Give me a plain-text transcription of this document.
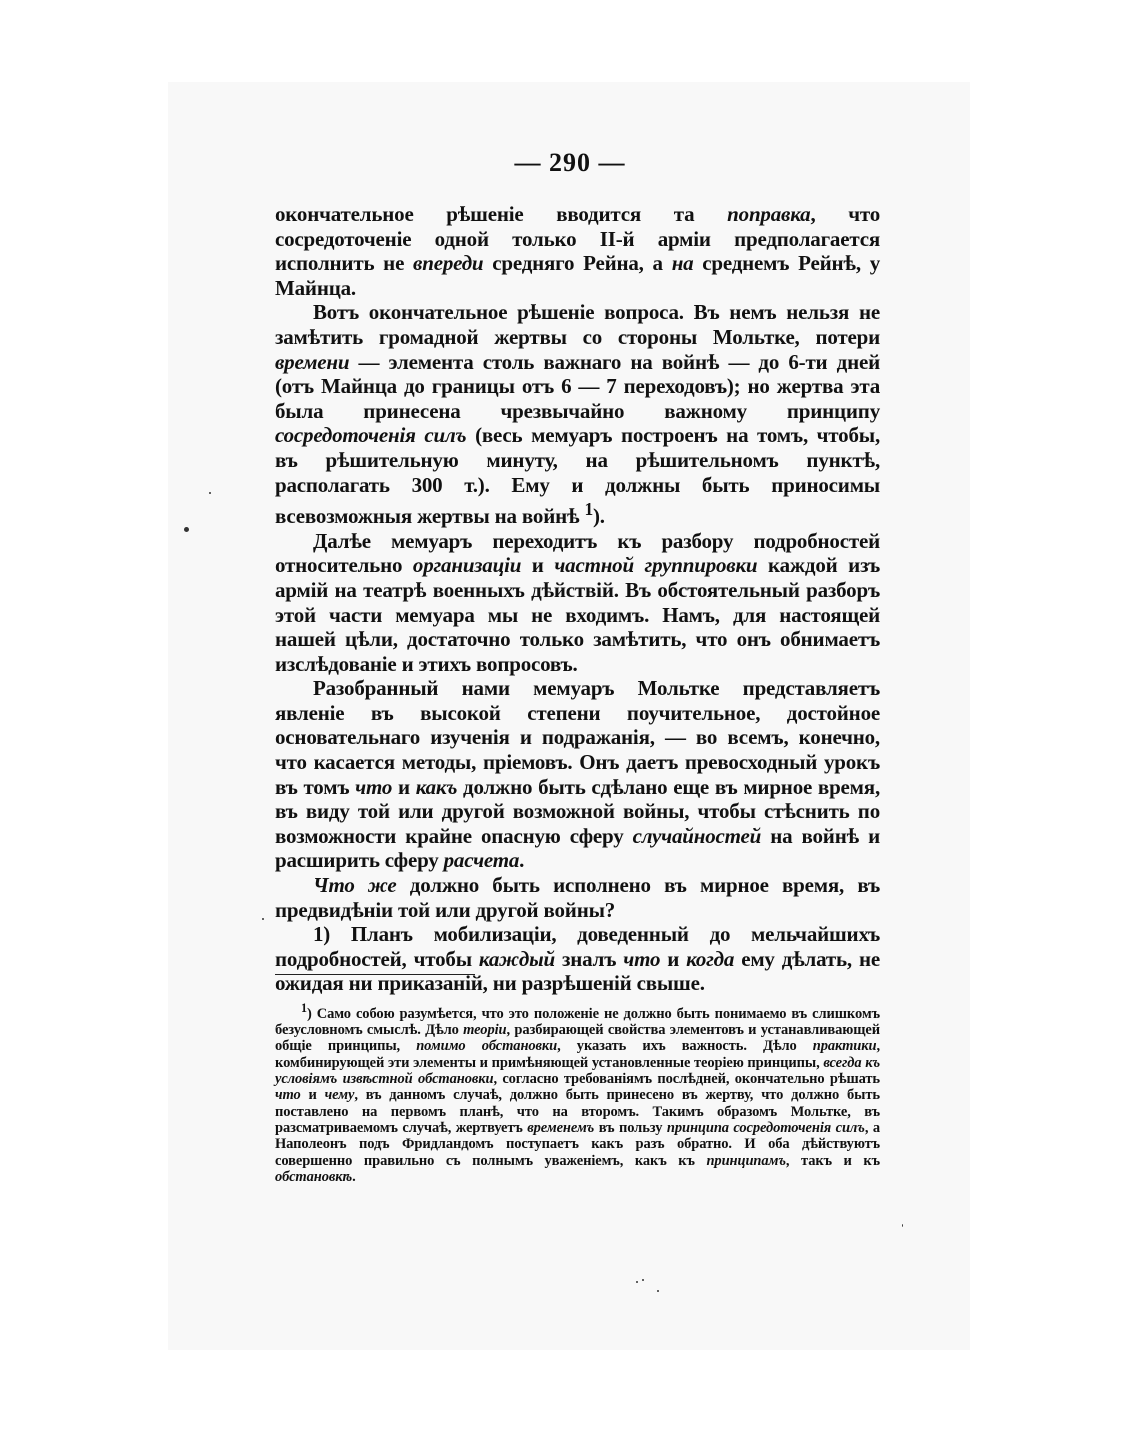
— 290 —

окончательное рѣшеніе вводится та поправка, что сосредоточеніе одной только II-й арміи предполагается исполнить не впереди средняго Рейна, а на среднемъ Рейнѣ, у Майнца.

Вотъ окончательное рѣшеніе вопроса. Въ немъ нельзя не замѣтить громадной жертвы со стороны Мольтке, потери времени — элемента столь важнаго на войнѣ — до 6-ти дней (отъ Майнца до границы отъ 6 — 7 переходовъ); но жертва эта была принесена чрезвычайно важному принципу сосредоточенія силъ (весь мемуаръ построенъ на томъ, чтобы, въ рѣшительную минуту, на рѣшительномъ пунктѣ, располагать 300 т.). Ему и должны быть приносимы всевозможныя жертвы на войнѣ $^1$).

Далѣе мемуаръ переходитъ къ разбору подробностей относительно организаціи и частной группировки каждой изъ армій на театрѣ военныхъ дѣйствій. Въ обстоятельный разборъ этой части мемуара мы не входимъ. Намъ, для настоящей нашей цѣли, достаточно только замѣтить, что онъ обнимаетъ изслѣдованіе и этихъ вопросовъ.

Разобранный нами мемуаръ Мольтке представляетъ явленіе въ высокой степени поучительное, достойное основательнаго изученія и подражанія, — во всемъ, конечно, что касается методы, пріемовъ. Онъ даетъ превосходный урокъ въ томъ что и какъ должно быть сдѣлано еще въ мирное время, въ виду той или другой возможной войны, чтобы стѣснить по возможности крайне опасную сферу случайностей на войнѣ и расширить сферу расчета.

Что же должно быть исполнено въ мирное время, въ предвидѣніи той или другой войны?

1) Планъ мобилизаціи, доведенный до мельчайшихъ подробностей, чтобы каждый зналъ что и когда ему дѣлать, не ожидая ни приказаній, ни разрѣшеній свыше.

$^1$) Само собою разумѣется, что это положеніе не должно быть понимаемо въ слишкомъ безусловномъ смыслѣ. Дѣло теоріи, разбирающей свойства элементовъ и устанавливающей общіе принципы, помимо обстановки, указать ихъ важность. Дѣло практики, комбинирующей эти элементы и примѣняющей установленные теоріею принципы, всегда къ условіямъ извѣстной обстановки, согласно требованіямъ послѣдней, окончательно рѣшать что и чему, въ данномъ случаѣ, должно быть принесено въ жертву, что должно быть поставлено на первомъ планѣ, что на второмъ. Такимъ образомъ Мольтке, въ разсматриваемомъ случаѣ, жертвуетъ временемъ въ пользу принципа сосредоточенія силъ, а Наполеонъ подъ Фридландомъ поступаетъ какъ разъ обратно. И оба дѣйствуютъ совершенно правильно съ полнымъ уваженіемъ, какъ къ принципамъ, такъ и къ обстановкѣ.
